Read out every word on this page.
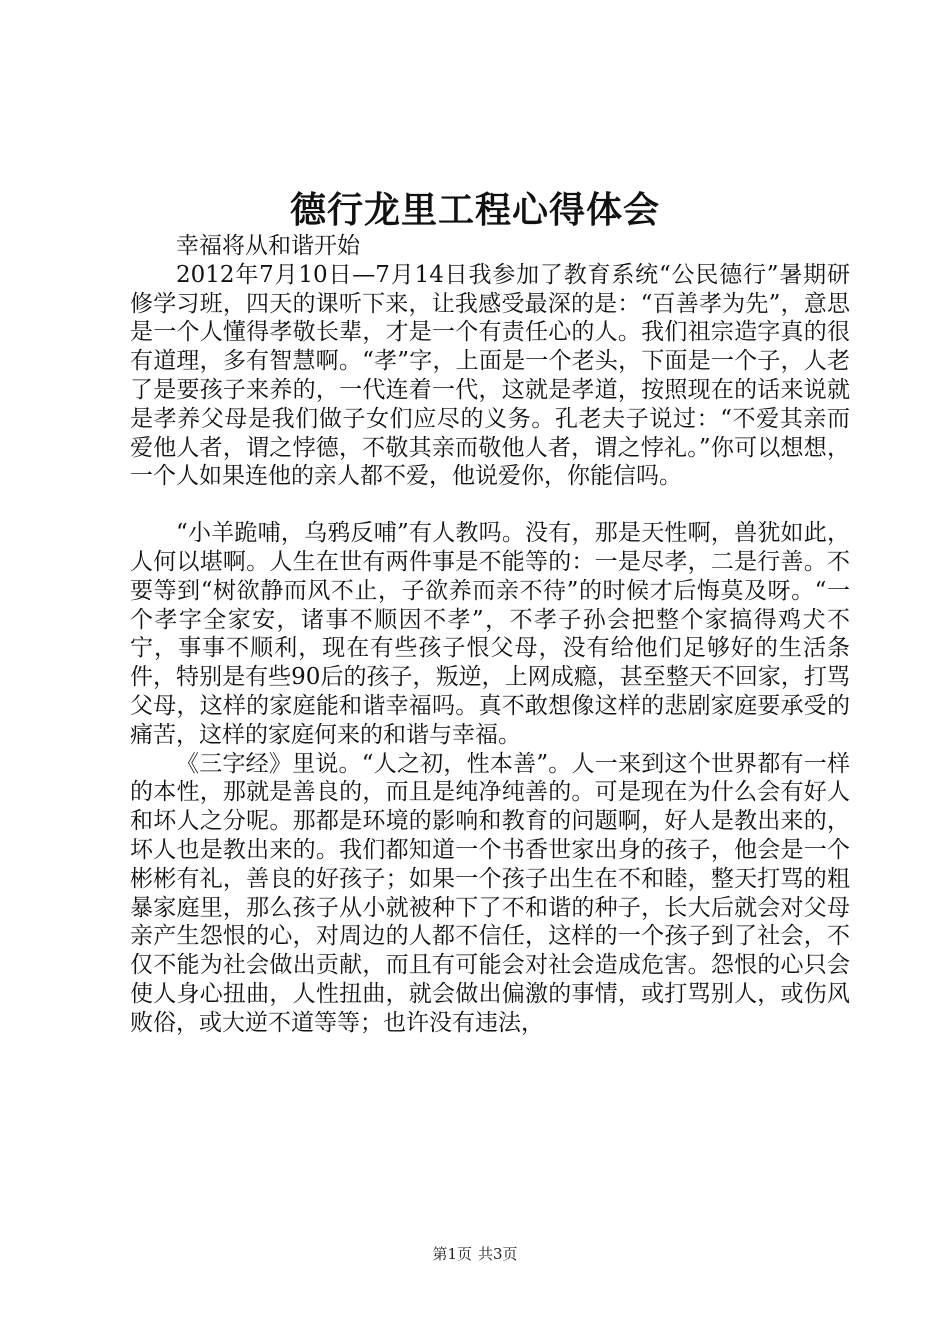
德行龙里工程心得体会

幸福将从和谐开始

2012年7月10日—7月14日我参加了教育系统“公民德行”暑期研修学习班，四天的课听下来，让我感受最深的是：“百善孝为先”，意思是一个人懂得孝敬长辈，才是一个有责任心的人。我们祖宗造字真的很有道理，多有智慧啊。“孝”字，上面是一个老头，下面是一个子，人老了是要孩子来养的，一代连着一代，这就是孝道，按照现在的话来说就是孝养父母是我们做子女们应尽的义务。孔老夫子说过：“不爱其亲而爱他人者，谓之悖德，不敬其亲而敬他人者，谓之悖礼。”你可以想想，一个人如果连他的亲人都不爱，他说爱你，你能信吗。

“小羊跪哺，乌鸦反哺”有人教吗。没有，那是天性啊，兽犹如此，人何以堪啊。人生在世有两件事是不能等的：一是尽孝，二是行善。不要等到“树欲静而风不止，子欲养而亲不待”的时候才后悔莫及呀。“一个孝字全家安，诸事不顺因不孝”，不孝子孙会把整个家搞得鸡犬不宁，事事不顺利，现在有些孩子恨父母，没有给他们足够好的生活条件，特别是有些90后的孩子，叛逆，上网成瘾，甚至整天不回家，打骂父母，这样的家庭能和谐幸福吗。真不敢想像这样的悲剧家庭要承受的痛苦，这样的家庭何来的和谐与幸福。

《三字经》里说。“人之初，性本善”。人一来到这个世界都有一样的本性，那就是善良的，而且是纯净纯善的。可是现在为什么会有好人和坏人之分呢。那都是环境的影响和教育的问题啊，好人是教出来的，坏人也是教出来的。我们都知道一个书香世家出身的孩子，他会是一个彬彬有礼，善良的好孩子；如果一个孩子出生在不和睦，整天打骂的粗暴家庭里，那么孩子从小就被种下了不和谐的种子，长大后就会对父母亲产生怨恨的心，对周边的人都不信任，这样的一个孩子到了社会，不仅不能为社会做出贡献，而且有可能会对社会造成危害。怨恨的心只会使人身心扭曲，人性扭曲，就会做出偏激的事情，或打骂别人，或伤风败俗，或大逆不道等等；也许没有违法，

第1页 共3页
